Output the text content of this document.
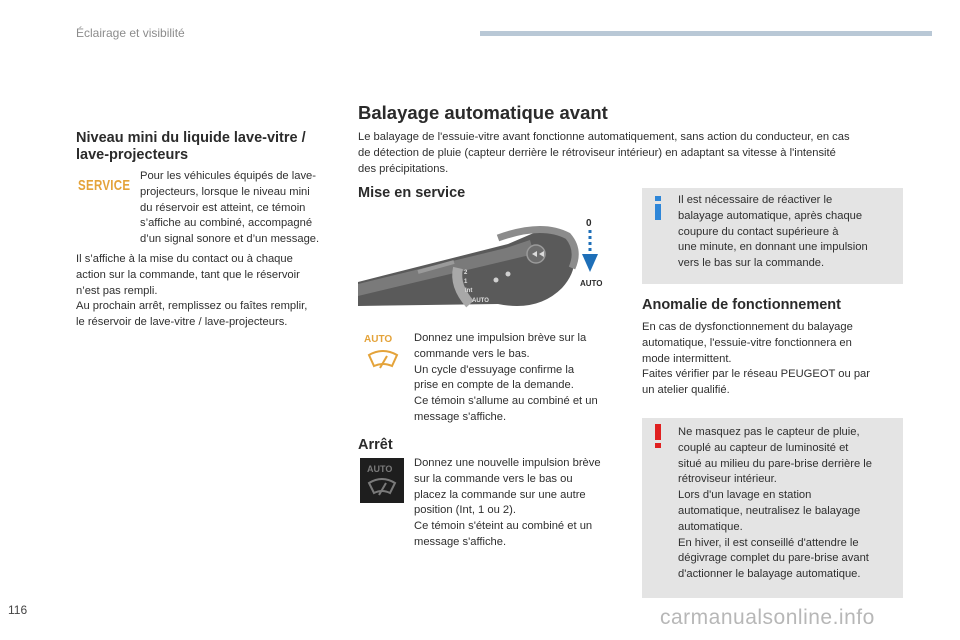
Éclairage et visibilité
Niveau mini du liquide lave-vitre /
lave-projecteurs
SERVICE
Pour les véhicules équipés de lave-
projecteurs, lorsque le niveau mini
du réservoir est atteint, ce témoin
s’affiche au combiné, accompagné
d’un signal sonore et d’un message.
Il s’affiche à la mise du contact ou à chaque
action sur la commande, tant que le réservoir
n’est pas rempli.
Au prochain arrêt, remplissez ou faîtes remplir,
le réservoir de lave-vitre / lave-projecteurs.
Balayage automatique avant
Le balayage de l'essuie-vitre avant fonctionne automatiquement, sans action du conducteur, en cas
de détection de pluie (capteur derrière le rétroviseur intérieur) en adaptant sa vitesse à l'intensité
des précipitations.
Mise en service
2
1
Int
AUTO
0
AUTO
AUTO Donnez une impulsion brève sur la
commande vers le bas.
Un cycle d'essuyage confirme la
prise en compte de la demande.
Ce témoin s'allume au combiné et un
message s'affiche.
Arrêt
AUTO Donnez une nouvelle impulsion brève
sur la commande vers le bas ou
placez la commande sur une autre
position (Int, 1 ou 2).
Ce témoin s'éteint au combiné et un
message s'affiche.
Il est nécessaire de réactiver le
balayage automatique, après chaque
coupure du contact supérieure à
une minute, en donnant une impulsion
vers le bas sur la commande.
Anomalie de fonctionnement
En cas de dysfonctionnement du balayage
automatique, l'essuie-vitre fonctionnera en
mode intermittent.
Faites vérifier par le réseau PEUGEOT ou par
un atelier qualifié.
Ne masquez pas le capteur de pluie,
couplé au capteur de luminosité et
situé au milieu du pare-brise derrière le
rétroviseur intérieur.
Lors d'un lavage en station
automatique, neutralisez le balayage
automatique.
En hiver, il est conseillé d'attendre le
dégivrage complet du pare-brise avant
d'actionner le balayage automatique.
116	carmanualsonline.info
